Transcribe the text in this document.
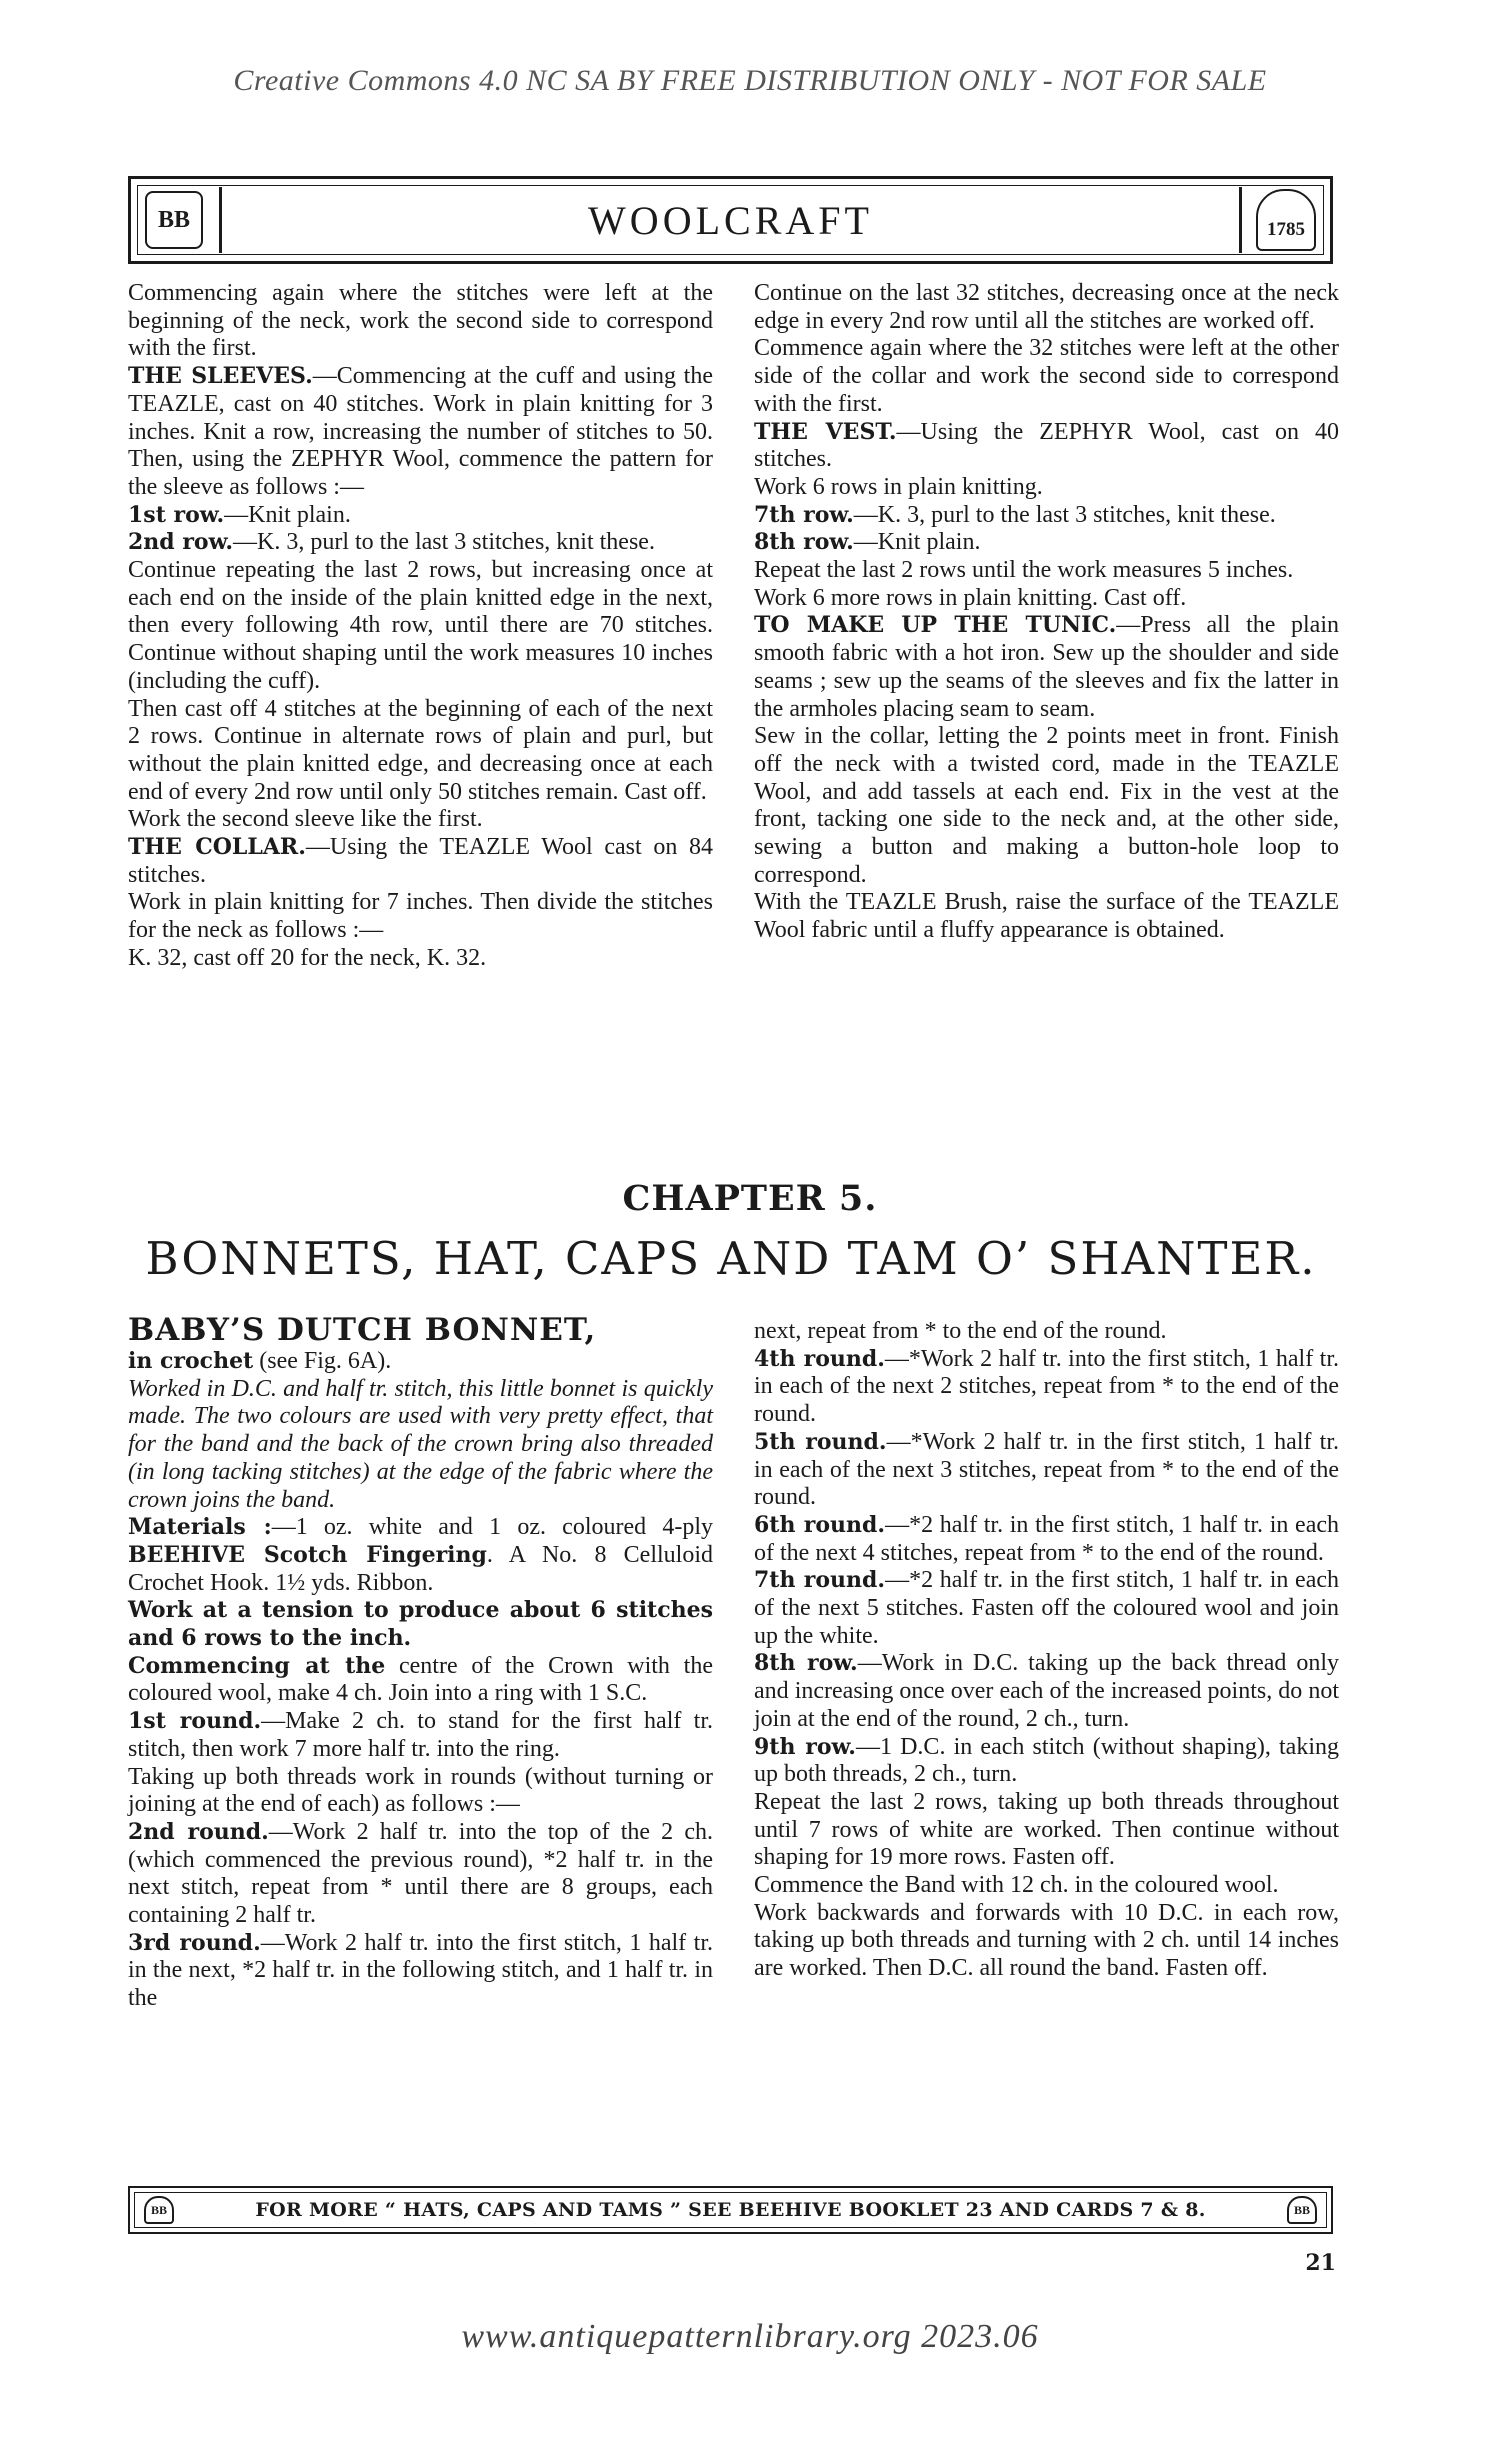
Creative Commons 4.0 NC SA BY FREE DISTRIBUTION ONLY - NOT FOR SALE
BB	WOOLCRAFT	1785

Commencing again where the stitches were left at the beginning of the neck, work the second side to correspond with the first.

THE SLEEVES.—Commencing at the cuff and using the TEAZLE, cast on 40 stitches. Work in plain knitting for 3 inches. Knit a row, increasing the number of stitches to 50. Then, using the ZEPHYR Wool, commence the pattern for the sleeve as follows :—

1st row.—Knit plain.

2nd row.—K. 3, purl to the last 3 stitches, knit these.

Continue repeating the last 2 rows, but increasing once at each end on the inside of the plain knitted edge in the next, then every following 4th row, until there are 70 stitches. Continue without shaping until the work measures 10 inches (including the cuff).

Then cast off 4 stitches at the beginning of each of the next 2 rows. Continue in alternate rows of plain and purl, but without the plain knitted edge, and decreasing once at each end of every 2nd row until only 50 stitches remain. Cast off.

Work the second sleeve like the first.

THE COLLAR.—Using the TEAZLE Wool cast on 84 stitches.

Work in plain knitting for 7 inches. Then divide the stitches for the neck as follows :—

K. 32, cast off 20 for the neck, K. 32.

Continue on the last 32 stitches, decreasing once at the neck edge in every 2nd row until all the stitches are worked off.

Commence again where the 32 stitches were left at the other side of the collar and work the second side to correspond with the first.

THE VEST.—Using the ZEPHYR Wool, cast on 40 stitches.

Work 6 rows in plain knitting.

7th row.—K. 3, purl to the last 3 stitches, knit these.

8th row.—Knit plain.

Repeat the last 2 rows until the work measures 5 inches.

Work 6 more rows in plain knitting. Cast off.

TO MAKE UP THE TUNIC.—Press all the plain smooth fabric with a hot iron. Sew up the shoulder and side seams ; sew up the seams of the sleeves and fix the latter in the armholes placing seam to seam.

Sew in the collar, letting the 2 points meet in front. Finish off the neck with a twisted cord, made in the TEAZLE Wool, and add tassels at each end. Fix in the vest at the front, tacking one side to the neck and, at the other side, sewing a button and making a button-hole loop to correspond.

With the TEAZLE Brush, raise the surface of the TEAZLE Wool fabric until a fluffy appearance is obtained.

CHAPTER 5.
BONNETS, HAT, CAPS AND TAM O’ SHANTER.

BABY’S DUTCH BONNET,

in crochet (see Fig. 6A).

Worked in D.C. and half tr. stitch, this little bonnet is quickly made. The two colours are used with very pretty effect, that for the band and the back of the crown bring also threaded (in long tacking stitches) at the edge of the fabric where the crown joins the band.

Materials :—1 oz. white and 1 oz. coloured 4-ply BEEHIVE Scotch Fingering. A No. 8 Celluloid Crochet Hook. 1½ yds. Ribbon.

Work at a tension to produce about 6 stitches and 6 rows to the inch.

Commencing at the centre of the Crown with the coloured wool, make 4 ch. Join into a ring with 1 S.C.

1st round.—Make 2 ch. to stand for the first half tr. stitch, then work 7 more half tr. into the ring.

Taking up both threads work in rounds (without turning or joining at the end of each) as follows :—

2nd round.—Work 2 half tr. into the top of the 2 ch. (which commenced the previous round), *2 half tr. in the next stitch, repeat from * until there are 8 groups, each containing 2 half tr.

3rd round.—Work 2 half tr. into the first stitch, 1 half tr. in the next, *2 half tr. in the following stitch, and 1 half tr. in the

next, repeat from * to the end of the round.

4th round.—*Work 2 half tr. into the first stitch, 1 half tr. in each of the next 2 stitches, repeat from * to the end of the round.

5th round.—*Work 2 half tr. in the first stitch, 1 half tr. in each of the next 3 stitches, repeat from * to the end of the round.

6th round.—*2 half tr. in the first stitch, 1 half tr. in each of the next 4 stitches, repeat from * to the end of the round.

7th round.—*2 half tr. in the first stitch, 1 half tr. in each of the next 5 stitches. Fasten off the coloured wool and join up the white.

8th row.—Work in D.C. taking up the back thread only and increasing once over each of the increased points, do not join at the end of the round, 2 ch., turn.

9th row.—1 D.C. in each stitch (without shaping), taking up both threads, 2 ch., turn.

Repeat the last 2 rows, taking up both threads throughout until 7 rows of white are worked. Then continue without shaping for 19 more rows. Fasten off.

Commence the Band with 12 ch. in the coloured wool.

Work backwards and forwards with 10 D.C. in each row, taking up both threads and turning with 2 ch. until 14 inches are worked. Then D.C. all round the band. Fasten off.

BB	FOR MORE “ HATS, CAPS AND TAMS ” SEE BEEHIVE BOOKLET 23 AND CARDS 7 & 8.	BB
21
www.antiquepatternlibrary.org 2023.06
